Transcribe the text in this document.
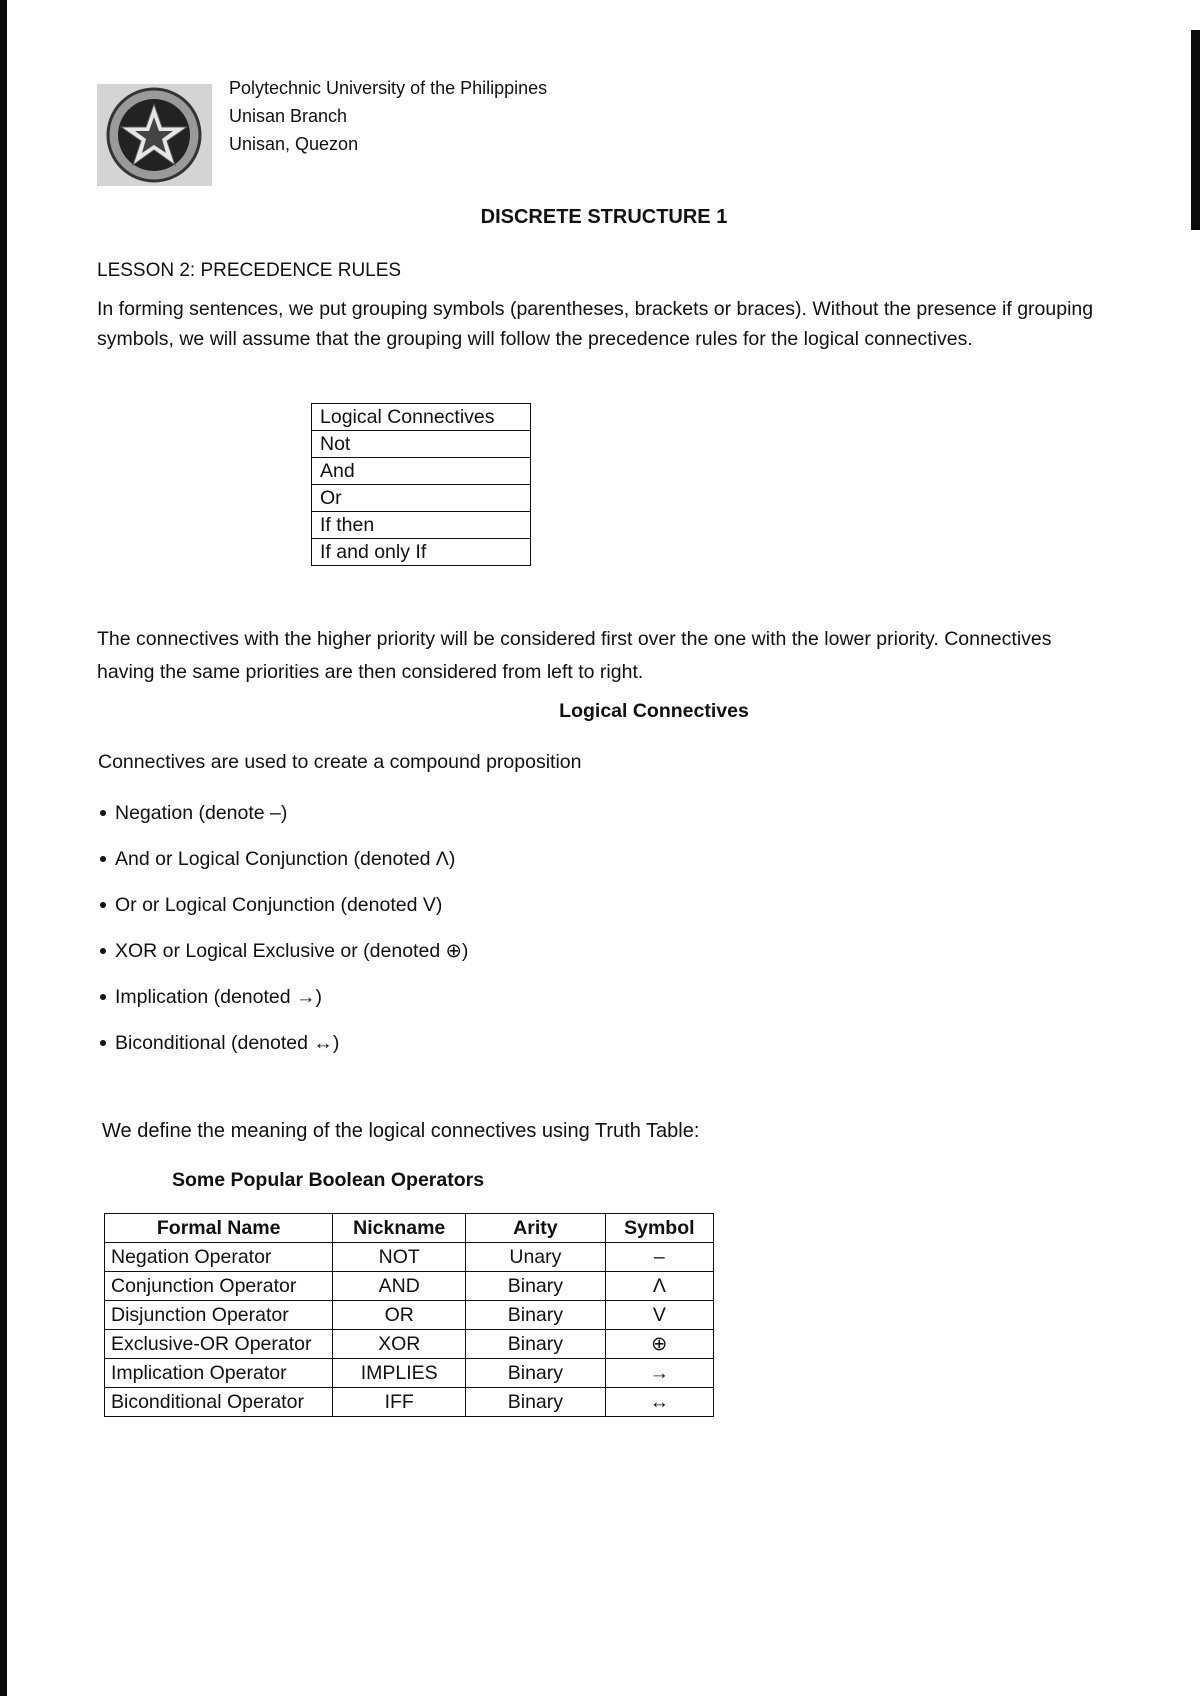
Polytechnic University of the Philippines
Unisan Branch
Unisan, Quezon
DISCRETE STRUCTURE 1
LESSON 2: PRECEDENCE RULES
In forming sentences, we put grouping symbols (parentheses, brackets or braces). Without the presence if grouping symbols, we will assume that the grouping will follow the precedence rules for the logical connectives.
Logical Connectives
Not
And
Or
If then
If and only If
The connectives with the higher priority will be considered first over the one with the lower priority. Connectives having the same priorities are then considered from left to right.
Logical Connectives
Connectives are used to create a compound proposition
Negation (denote –)
And or Logical Conjunction (denoted Λ)
Or or Logical Conjunction (denoted V)
XOR or Logical Exclusive or (denoted ⊕)
Implication (denoted →)
Biconditional (denoted ↔)
We define the meaning of the logical connectives using Truth Table:
Some Popular Boolean Operators
Formal Name	Nickname	Arity	Symbol
Negation Operator	NOT	Unary	–
Conjunction Operator	AND	Binary	Λ
Disjunction Operator	OR	Binary	V
Exclusive-OR Operator	XOR	Binary	⊕
Implication Operator	IMPLIES	Binary	→
Biconditional Operator	IFF	Binary	↔
